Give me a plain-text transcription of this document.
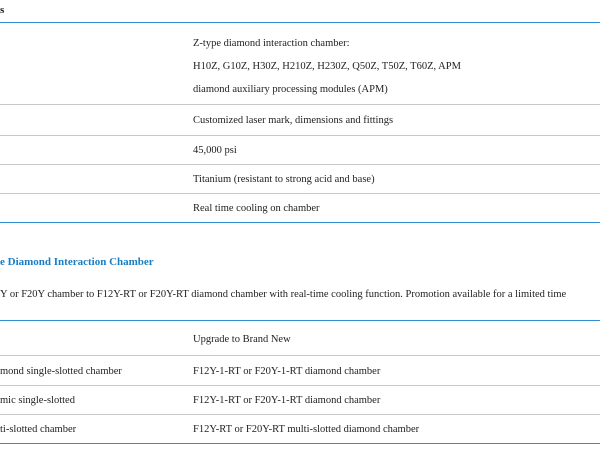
s
Z-type diamond interaction chamber:
H10Z, G10Z, H30Z, H210Z, H230Z, Q50Z, T50Z, T60Z, APM
diamond auxiliary processing modules (APM)
Customized laser mark, dimensions and fittings
45,000 psi
Titanium (resistant to strong acid and base)
Real time cooling on chamber
e Diamond Interaction Chamber
Y or F20Y chamber to F12Y-RT or F20Y-RT diamond chamber with real-time cooling function. Promotion available for a limited time
Upgrade to Brand New
mond single-slotted chamber	F12Y-1-RT or F20Y-1-RT diamond chamber
mic single-slotted	F12Y-1-RT or F20Y-1-RT diamond chamber
ti-slotted chamber	F12Y-RT or F20Y-RT multi-slotted diamond chamber
